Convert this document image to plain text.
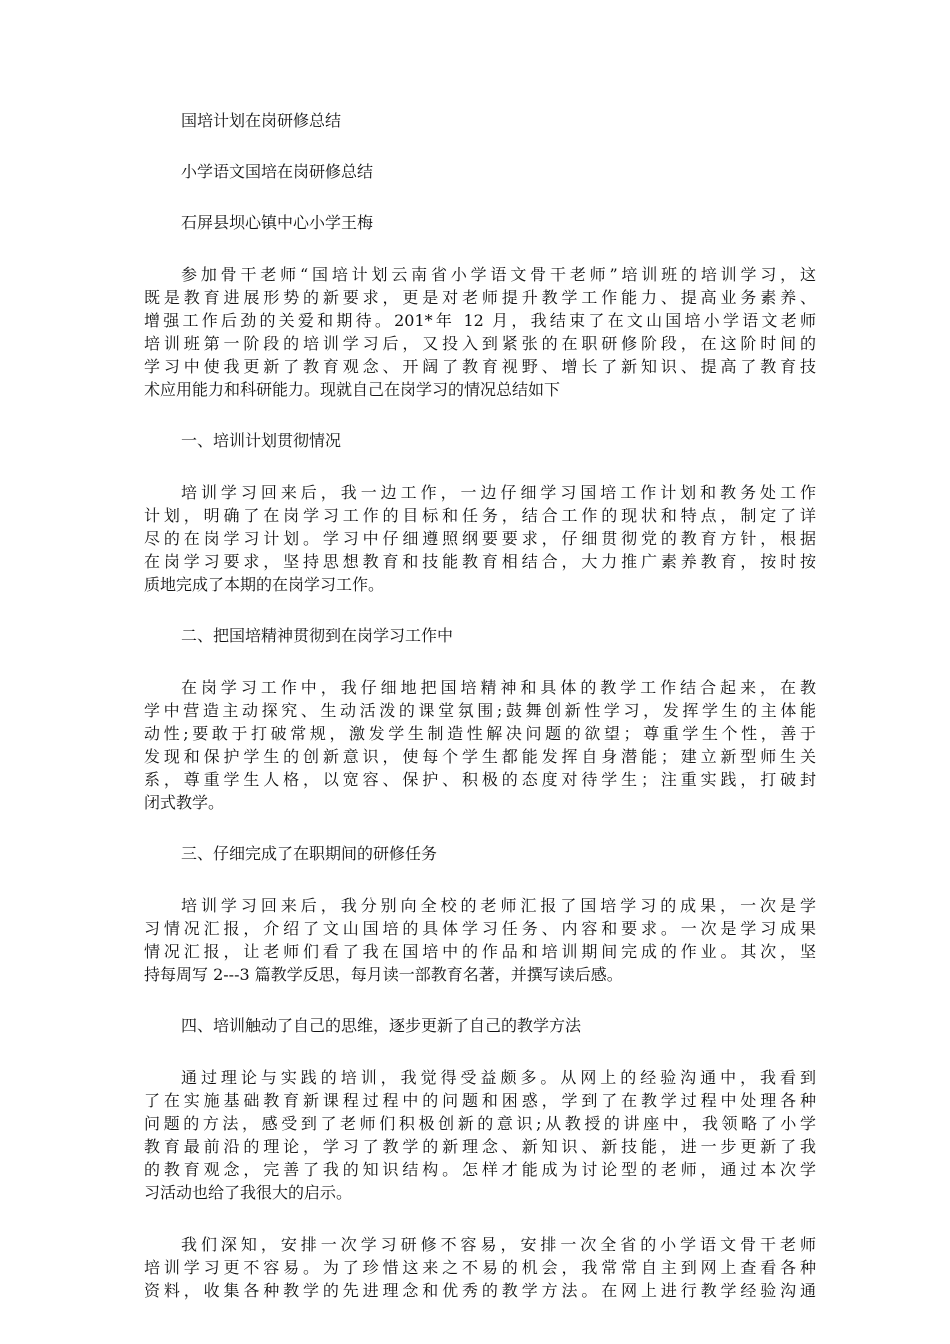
国培计划在岗研修总结
小学语文国培在岗研修总结
石屏县坝心镇中心小学王梅
参加骨干老师“国培计划云南省小学语文骨干老师”培训班的培训学习，这
既是教育进展形势的新要求，更是对老师提升教学工作能力、提高业务素养、
增强工作后劲的关爱和期待。201*年 12 月，我结束了在文山国培小学语文老师
培训班第一阶段的培训学习后，又投入到紧张的在职研修阶段，在这阶时间的
学习中使我更新了教育观念、开阔了教育视野、增长了新知识、提高了教育技
术应用能力和科研能力。现就自己在岗学习的情况总结如下
一、培训计划贯彻情况
培训学习回来后，我一边工作，一边仔细学习国培工作计划和教务处工作
计划，明确了在岗学习工作的目标和任务，结合工作的现状和特点，制定了详
尽的在岗学习计划。学习中仔细遵照纲要要求，仔细贯彻党的教育方针，根据
在岗学习要求，坚持思想教育和技能教育相结合，大力推广素养教育，按时按
质地完成了本期的在岗学习工作。
二、把国培精神贯彻到在岗学习工作中
在岗学习工作中，我仔细地把国培精神和具体的教学工作结合起来，在教
学中营造主动探究、生动活泼的课堂氛围;鼓舞创新性学习，发挥学生的主体能
动性;要敢于打破常规，激发学生制造性解决问题的欲望；尊重学生个性，善于
发现和保护学生的创新意识，使每个学生都能发挥自身潜能；建立新型师生关
系，尊重学生人格，以宽容、保护、积极的态度对待学生；注重实践，打破封
闭式教学。
三、仔细完成了在职期间的研修任务
培训学习回来后，我分别向全校的老师汇报了国培学习的成果，一次是学
习情况汇报，介绍了文山国培的具体学习任务、内容和要求。一次是学习成果
情况汇报，让老师们看了我在国培中的作品和培训期间完成的作业。其次，坚
持每周写 2---3 篇教学反思，每月读一部教育名著，并撰写读后感。
四、培训触动了自己的思维，逐步更新了自己的教学方法
通过理论与实践的培训，我觉得受益颇多。从网上的经验沟通中，我看到
了在实施基础教育新课程过程中的问题和困惑，学到了在教学过程中处理各种
问题的方法，感受到了老师们积极创新的意识;从教授的讲座中，我领略了小学
教育最前沿的理论，学习了教学的新理念、新知识、新技能，进一步更新了我
的教育观念，完善了我的知识结构。怎样才能成为讨论型的老师，通过本次学
习活动也给了我很大的启示。
我们深知，安排一次学习研修不容易，安排一次全省的小学语文骨干老师
培训学习更不容易。为了珍惜这来之不易的机会，我常常自主到网上查看各种
资料，收集各种教学的先进理念和优秀的教学方法。在网上进行教学经验沟通
